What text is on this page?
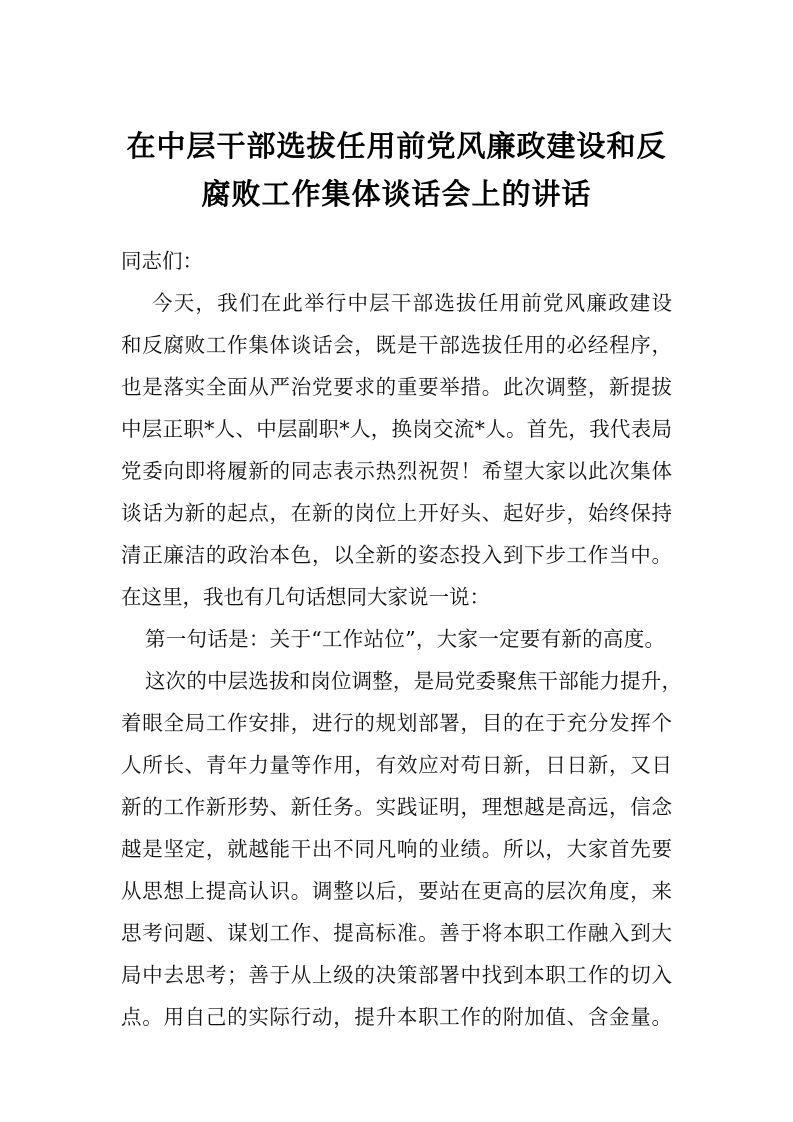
在中层干部选拔任用前党风廉政建设和反
腐败工作集体谈话会上的讲话
同志们：
今天，我们在此举行中层干部选拔任用前党风廉政建设
和反腐败工作集体谈话会，既是干部选拔任用的必经程序，
也是落实全面从严治党要求的重要举措。此次调整，新提拔
中层正职*人、中层副职*人，换岗交流*人。首先，我代表局
党委向即将履新的同志表示热烈祝贺！希望大家以此次集体
谈话为新的起点，在新的岗位上开好头、起好步，始终保持
清正廉洁的政治本色，以全新的姿态投入到下步工作当中。
在这里，我也有几句话想同大家说一说：
第一句话是：关于“工作站位”，大家一定要有新的高度。
这次的中层选拔和岗位调整，是局党委聚焦干部能力提升，
着眼全局工作安排，进行的规划部署，目的在于充分发挥个
人所长、青年力量等作用，有效应对苟日新，日日新，又日
新的工作新形势、新任务。实践证明，理想越是高远，信念
越是坚定，就越能干出不同凡响的业绩。所以，大家首先要
从思想上提高认识。调整以后，要站在更高的层次角度，来
思考问题、谋划工作、提高标准。善于将本职工作融入到大
局中去思考；善于从上级的决策部署中找到本职工作的切入
点。用自己的实际行动，提升本职工作的附加值、含金量。
